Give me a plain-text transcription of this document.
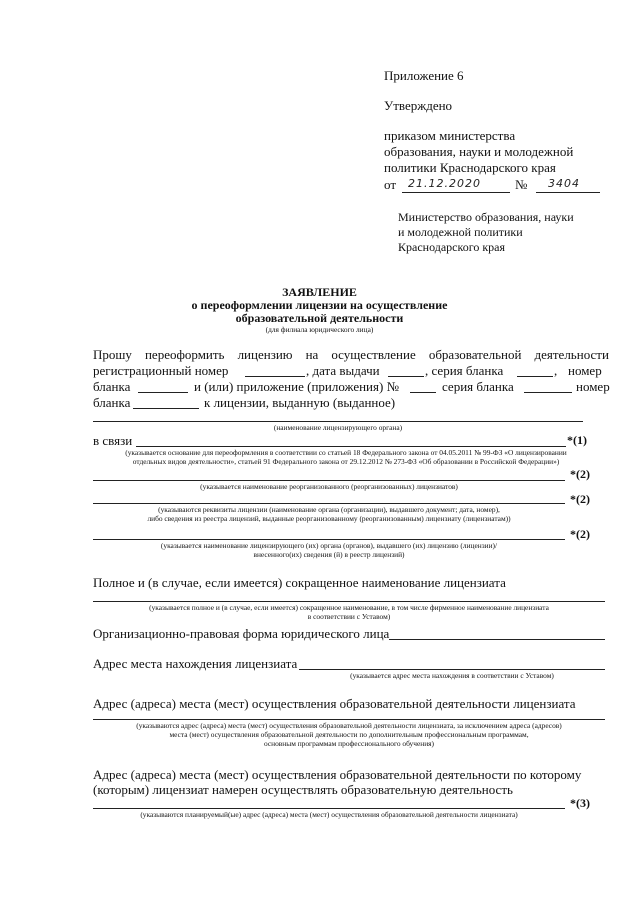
Приложение 6
Утверждено
приказом министерства
образования, науки и молодежной
политики Краснодарского края
от 21.12.2020	№ 3404
Министерство образования, науки
и молодежной политики
Краснодарского края
ЗАЯВЛЕНИЕ
о переоформлении лицензии на осуществление
образовательной деятельности
(для филиала юридического лица)
Прошу переоформить лицензию на осуществление образовательной деятельности
регистрационный номер	, дата выдачи	, серия бланка	, номер
бланка	и (или) приложение (приложения) №	серия бланка	номер
бланка	к лицензии, выданную (выданное)
(наименование лицензирующего органа)
в связи	*(1)
(указывается основание для переоформления в соответствии со статьей 18 Федерального закона от 04.05.2011 № 99-ФЗ «О лицензировании
отдельных видов деятельности», статьей 91 Федерального закона от 29.12.2012 № 273-ФЗ «Об образовании в Российской Федерации»)
*(2)
(указывается наименование реорганизованного (реорганизованных) лицензиатов)
*(2)
(указываются реквизиты лицензии (наименование органа (организации), выдавшего документ; дата, номер),
либо сведения из реестра лицензий, выданные реорганизованному (реорганизованным) лицензиату (лицензиатам))
*(2)
(указывается наименование лицензирующего (их) органа (органов), выдавшего (их) лицензию (лицензии)/
внесенного(их) сведения (й) в реестр лицензий)
Полное и (в случае, если имеется) сокращенное наименование лицензиата
(указывается полное и (в случае, если имеется) сокращенное наименование, в том числе фирменное наименование лицензиата
в соответствии с Уставом)
Организационно-правовая форма юридического лица
Адрес места нахождения лицензиата
(указывается адрес места нахождения в соответствии с Уставом)
Адрес (адреса) места (мест) осуществления образовательной деятельности лицензиата
(указываются адрес (адреса) места (мест) осуществления образовательной деятельности лицензиата, за исключением адреса (адресов)
места (мест) осуществления образовательной деятельности по дополнительным профессиональным программам,
основным программам профессионального обучения)
Адрес (адреса) места (мест) осуществления образовательной деятельности по которому
(которым) лицензиат намерен осуществлять образовательную деятельность
*(3)
(указываются планируемый(ые) адрес (адреса) места (мест) осуществления образовательной деятельности лицензиата)
